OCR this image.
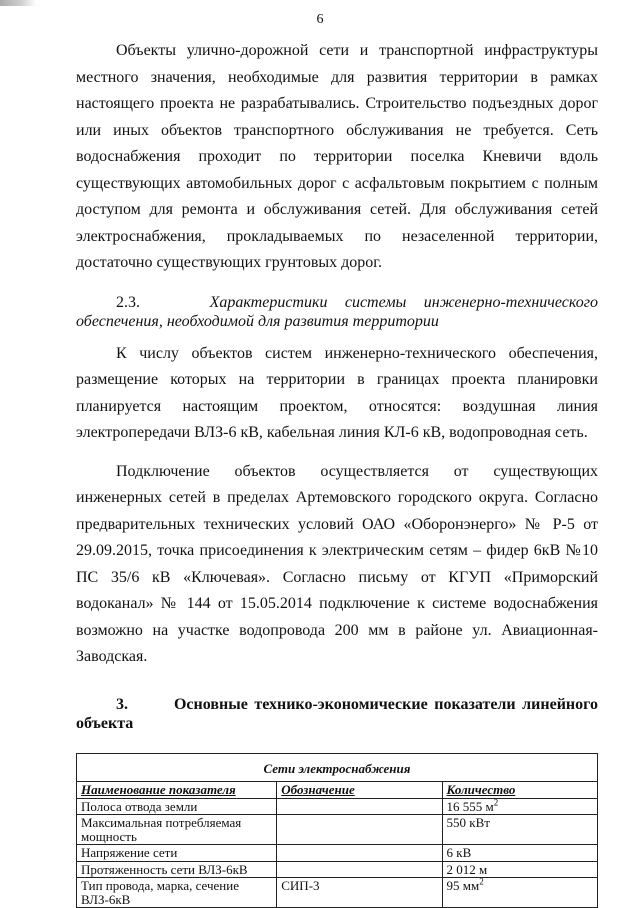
6

Объекты улично-дорожной сети и транспортной инфраструктуры местного значения, необходимые для развития территории в рамках настоящего проекта не разрабатывались. Строительство подъездных дорог или иных объектов транспортного обслуживания не требуется. Сеть водоснабжения проходит по территории поселка Кневичи вдоль существующих автомобильных дорог с асфальтовым покрытием с полным доступом для ремонта и обслуживания сетей. Для обслуживания сетей электроснабжения, прокладываемых по незаселенной территории, достаточно существующих грунтовых дорог.

2.3.	Характеристики системы инженерно-технического обеспечения, необходимой для развития территории

К числу объектов систем инженерно-технического обеспечения, размещение которых на территории в границах проекта планировки планируется настоящим проектом, относятся: воздушная линия электропередачи ВЛЗ-6 кВ, кабельная линия КЛ-6 кВ, водопроводная сеть.

Подключение объектов осуществляется от существующих инженерных сетей в пределах Артемовского городского округа. Согласно предварительных технических условий ОАО «Оборонэнерго» № Р-5 от 29.09.2015, точка присоединения к электрическим сетям – фидер 6кВ №10 ПС 35/6 кВ «Ключевая». Согласно письму от КГУП «Приморский водоканал» № 144 от 15.05.2014 подключение к системе водоснабжения возможно на участке водопровода 200 мм в районе ул. Авиационная-Заводская.

3.	Основные технико-экономические показатели линейного объекта

Сети электроснабжения		
Наименование показателя	Обозначение	Количество
Полоса отвода земли		16 555 $м^2$
Максимальная потребляемая мощность		550 кВт
Напряжение сети		6 кВ
Протяженность сети ВЛЗ-6кВ		2 012 м
Тип провода, марка, сечение ВЛЗ-6кВ	СИП-3	95 $мм^2$
